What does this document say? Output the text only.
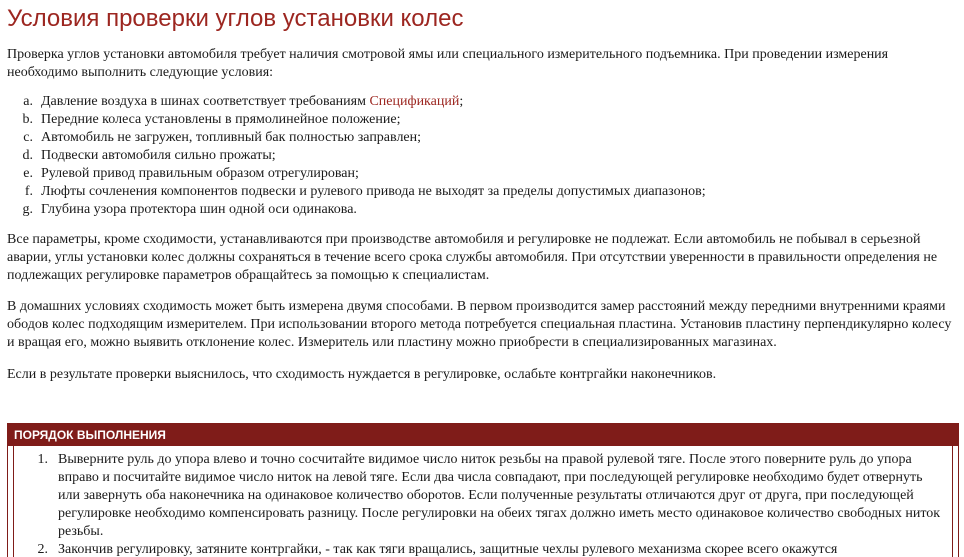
Условия проверки углов установки колес

Проверка углов установки автомобиля требует наличия смотровой ямы или специального измерительного подъемника. При проведении измерения необходимо выполнить следующие условия:

a. Давление воздуха в шинах соответствует требованиям Спецификаций;
b. Передние колеса установлены в прямолинейное положение;
c. Автомобиль не загружен, топливный бак полностью заправлен;
d. Подвески автомобиля сильно прожаты;
e. Рулевой привод правильным образом отрегулирован;
f. Люфты сочленения компонентов подвески и рулевого привода не выходят за пределы допустимых диапазонов;
g. Глубина узора протектора шин одной оси одинакова.

Все параметры, кроме сходимости, устанавливаются при производстве автомобиля и регулировке не подлежат. Если автомобиль не побывал в серьезной аварии, углы установки колес должны сохраняться в течение всего срока службы автомобиля. При отсутствии уверенности в правильности определения не подлежащих регулировке параметров обращайтесь за помощью к специалистам.

В домашних условиях сходимость может быть измерена двумя способами. В первом производится замер расстояний между передними внутренними краями ободов колес подходящим измерителем. При использовании второго метода потребуется специальная пластина. Установив пластину перпендикулярно колесу и вращая его, можно выявить отклонение колес. Измеритель или пластину можно приобрести в специализированных магазинах.

Если в результате проверки выяснилось, что сходимость нуждается в регулировке, ослабьте контргайки наконечников.

ПОРЯДОК ВЫПОЛНЕНИЯ
1. Выверните руль до упора влево и точно сосчитайте видимое число ниток резьбы на правой рулевой тяге. После этого поверните руль до упора вправо и посчитайте видимое число ниток на левой тяге. Если два числа совпадают, при последующей регулировке необходимо будет отвернуть или завернуть оба наконечника на одинаковое количество оборотов. Если полученные результаты отличаются друг от друга, при последующей регулировке необходимо компенсировать разницу. После регулировки на обеих тягах должно иметь место одинаковое количество свободных ниток резьбы.
2. Закончив регулировку, затяните контргайки, - так как тяги вращались, защитные чехлы рулевого механизма скорее всего окажутся
